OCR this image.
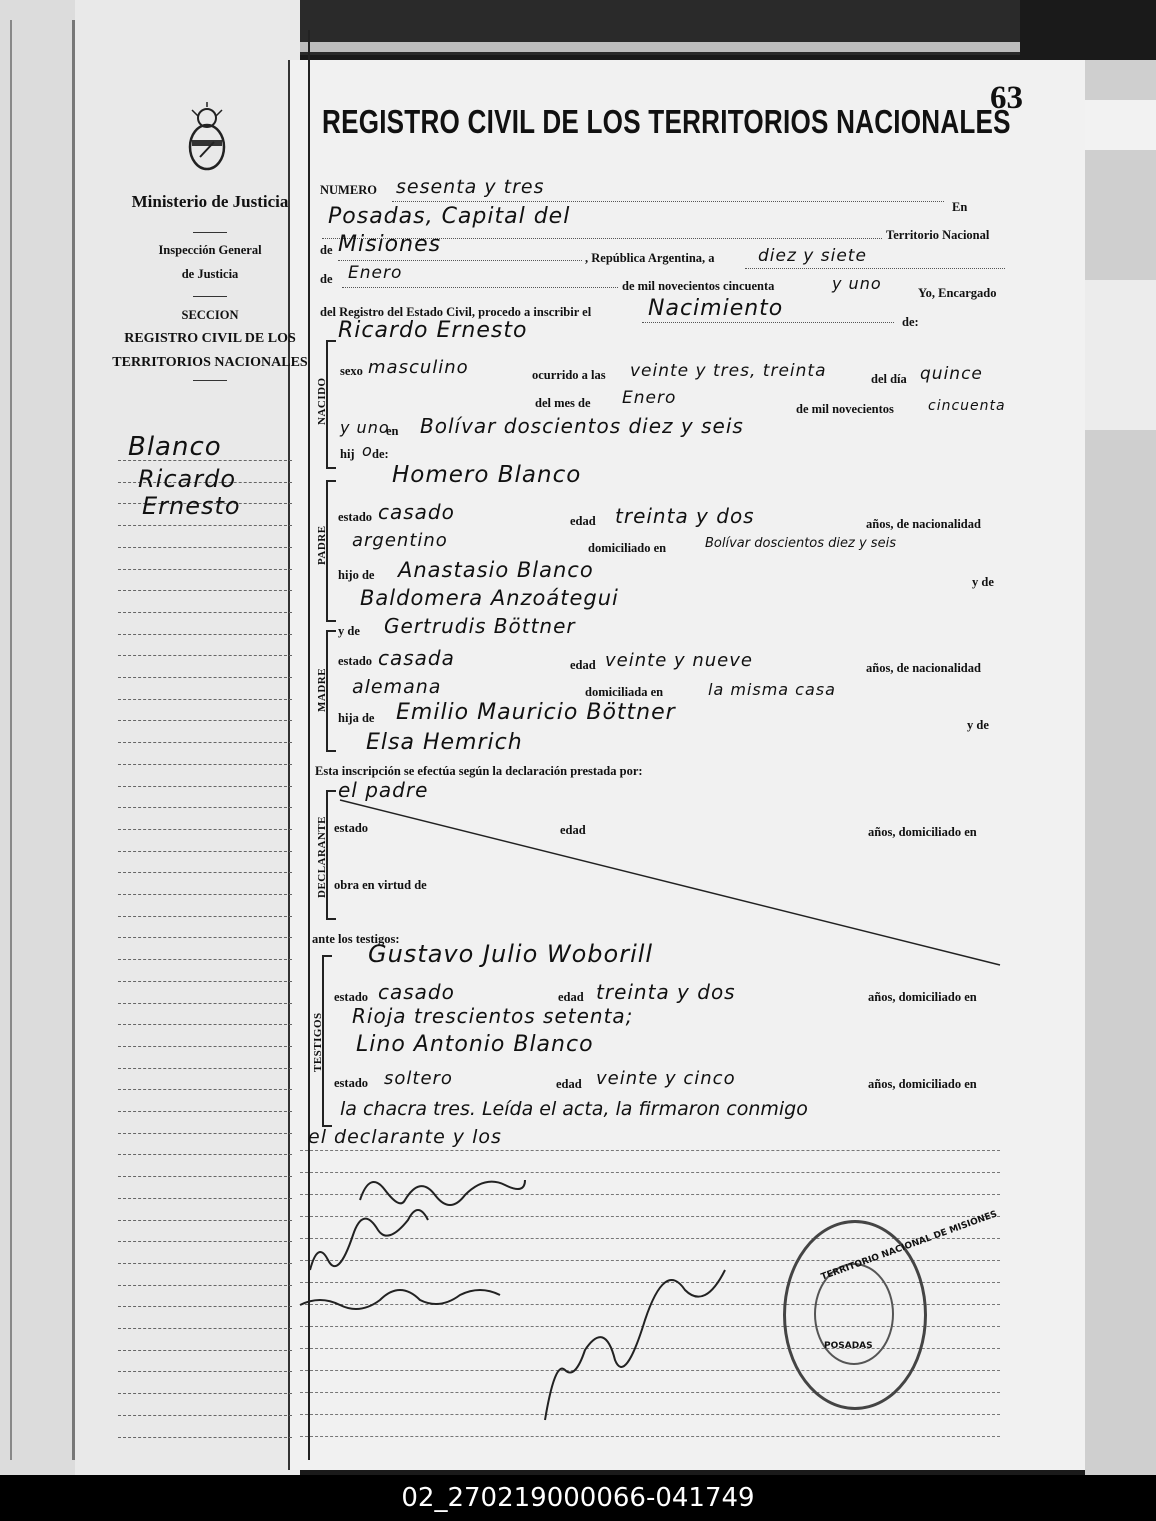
Ministerio de Justicia
Inspección General
de Justicia
SECCION
REGISTRO CIVIL DE LOS
TERRITORIOS NACIONALES
Blanco
Ricardo
Ernesto
63
REGISTRO CIVIL DE LOS TERRITORIOS NACIONALES
NUMERO sesenta y tres
En
Posadas, Capital del
Territorio Nacional
de Misiones
, República Argentina, a	diez y siete
de Enero
de mil novecientos cincuenta	y uno	Yo, Encargado
del Registro del Estado Civil, procedo a inscribir el	Nacimiento
de:
Ricardo Ernesto
NACIDO
sexo masculino	ocurrido a las veinte y tres, treinta	del día quince
del mes de Enero
de mil novecientos cincuenta
y uno
en Bolívar doscientos diez y seis
hij o de:
Homero Blanco
PADRE
estado casado	edad treinta y dos	años, de nacionalidad
argentino	domiciliado en	Bolívar doscientos diez y seis
hijo de Anastasio Blanco	y de
Baldomera Anzoátegui
y de Gertrudis Böttner
MADRE
estado casada	edad veinte y nueve	años, de nacionalidad
alemana	domiciliada en	la misma casa
hija de Emilio Mauricio Böttner	y de
Elsa Hemrich
Esta inscripción se efectúa según la declaración prestada por:
el padre
DECLARANTE estado	edad	años, domiciliado en
obra en virtud de
ante los testigos:
Gustavo Julio Woborill
TESTIGOS
estado casado	edad treinta y dos	años, domiciliado en
Rioja trescientos setenta;
Lino Antonio Blanco
estado soltero	edad veinte y cinco	años, domiciliado en
la chacra tres. Leída el acta, la firmaron conmigo
el declarante y los
TERRITORIO NACIONAL DE MISIONES
POSADAS
02_270219000066-041749
